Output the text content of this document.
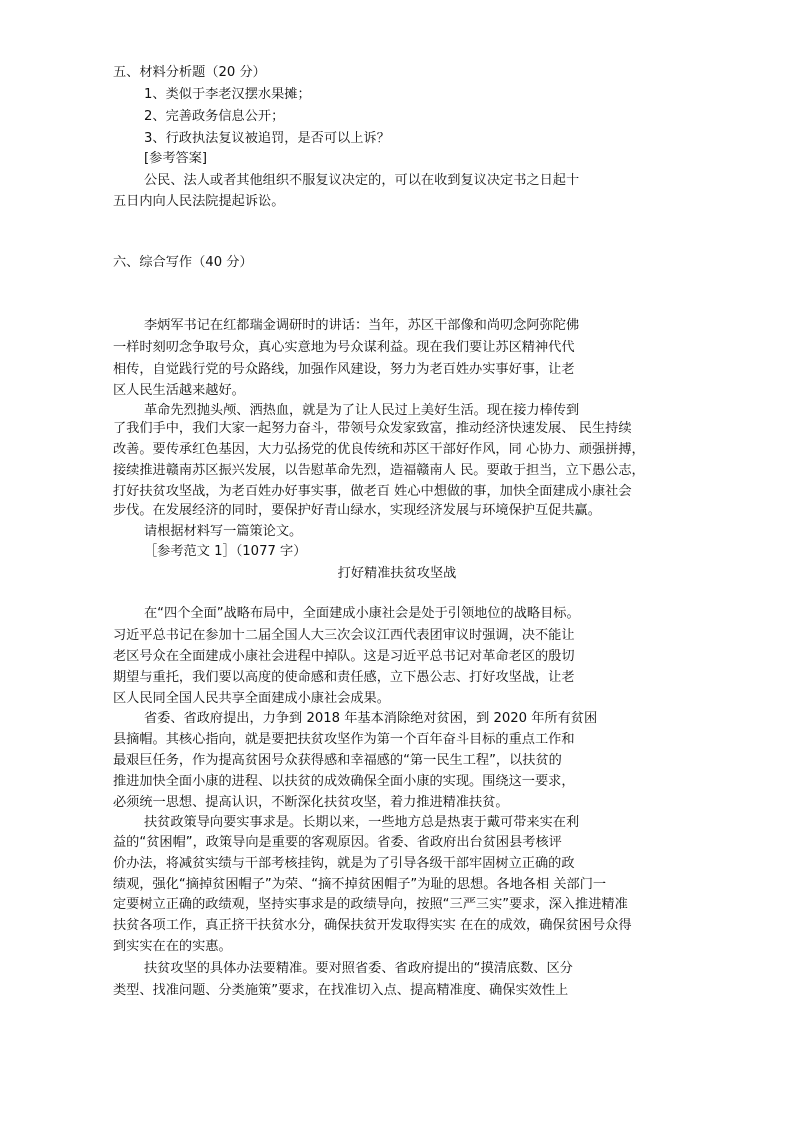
五、材料分析题（20 分）
1、类似于李老汉摆水果摊；
2、完善政务信息公开；
3、行政执法复议被追罚，是否可以上诉？
[参考答案]
公民、法人或者其他组织不服复议决定的，可以在收到复议决定书之日起十
五日内向人民法院提起诉讼。
六、综合写作（40 分）
李炳军书记在红都瑞金调研时的讲话：当年，苏区干部像和尚叨念阿弥陀佛
一样时刻叨念争取号众，真心实意地为号众谋利益。现在我们要让苏区精神代代
相传，自觉践行党的号众路线，加强作风建设，努力为老百姓办实事好事，让老
区人民生活越来越好。
革命先烈抛头颅、洒热血，就是为了让人民过上美好生活。现在接力棒传到
了我们手中，我们大家一起努力奋斗，带领号众发家致富，推动经济快速发展、 民生持续
改善。要传承红色基因，大力弘扬党的优良传统和苏区干部好作风，同 心协力、顽强拼搏，
接续推进赣南苏区振兴发展，以告慰革命先烈，造福赣南人 民。要敢于担当，立下愚公志，
打好扶贫攻坚战，为老百姓办好事实事，做老百 姓心中想做的事，加快全面建成小康社会
步伐。在发展经济的同时，要保护好青山绿水，实现经济发展与环境保护互促共赢。
请根据材料写一篇策论文。
［参考范文 1］（1077 字）
打好精准扶贫攻坚战
在“四个全面”战略布局中，全面建成小康社会是处于引领地位的战略目标。
习近平总书记在参加十二届全国人大三次会议江西代表团审议时强调，决不能让
老区号众在全面建成小康社会进程中掉队。这是习近平总书记对革命老区的殷切
期望与重托，我们要以高度的使命感和责任感，立下愚公志、打好攻坚战，让老
区人民同全国人民共享全面建成小康社会成果。
省委、省政府提出，力争到 2018 年基本消除绝对贫困，到 2020 年所有贫困
县摘帽。其核心指向，就是要把扶贫攻坚作为第一个百年奋斗目标的重点工作和
最艰巨任务，作为提高贫困号众获得感和幸福感的“第一民生工程”，以扶贫的
推进加快全面小康的进程、以扶贫的成效确保全面小康的实现。围绕这一要求，
必须统一思想、提高认识，不断深化扶贫攻坚，着力推进精准扶贫。
扶贫政策导向要实事求是。长期以来，一些地方总是热衷于戴可带来实在利
益的“贫困帽”，政策导向是重要的客观原因。省委、省政府出台贫困县考核评
价办法，将减贫实绩与干部考核挂钩，就是为了引导各级干部牢固树立正确的政
绩观，强化“摘掉贫困帽子”为荣、“摘不掉贫困帽子”为耻的思想。各地各相 关部门一
定要树立正确的政绩观，坚持实事求是的政绩导向，按照“三严三实”要求，深入推进精准
扶贫各项工作，真正挤干扶贫水分，确保扶贫开发取得实实 在在的成效，确保贫困号众得
到实实在在的实惠。
扶贫攻坚的具体办法要精准。要对照省委、省政府提出的“摸清底数、区分
类型、找准问题、分类施策”要求，在找准切入点、提高精准度、确保实效性上
